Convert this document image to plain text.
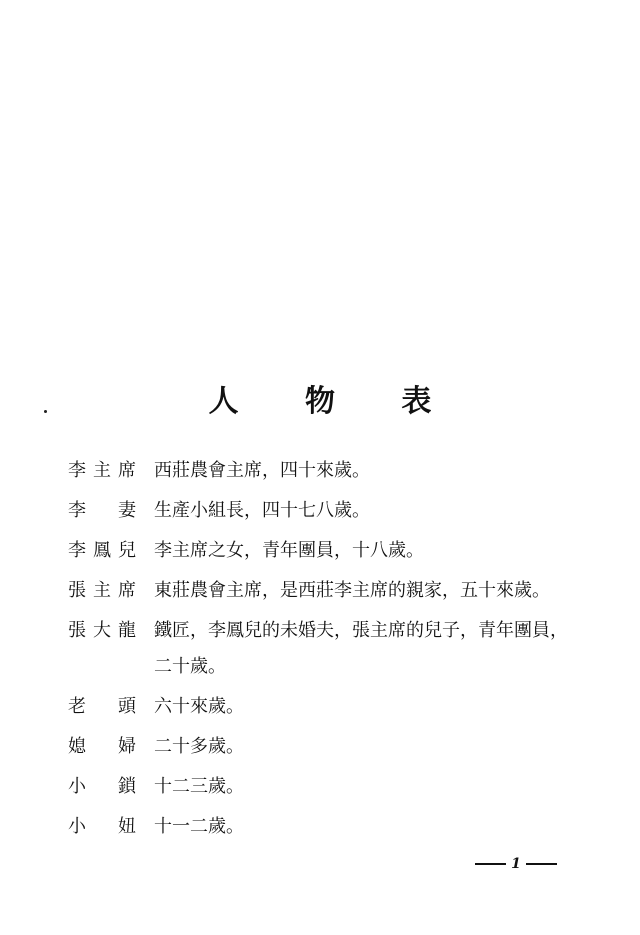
人 物 表
李主席	西莊農會主席，四十來歲。
李 妻	生產小組長，四十七八歲。
李鳳兒	李主席之女，青年團員，十八歲。
張主席	東莊農會主席，是西莊李主席的親家，五十來歲。
張大龍	鐵匠，李鳳兒的未婚夫，張主席的兒子，青年團員，二十歲。
老 頭	六十來歲。
媳 婦	二十多歲。
小 鎖	十二三歲。
小 妞	十一二歲。
1
